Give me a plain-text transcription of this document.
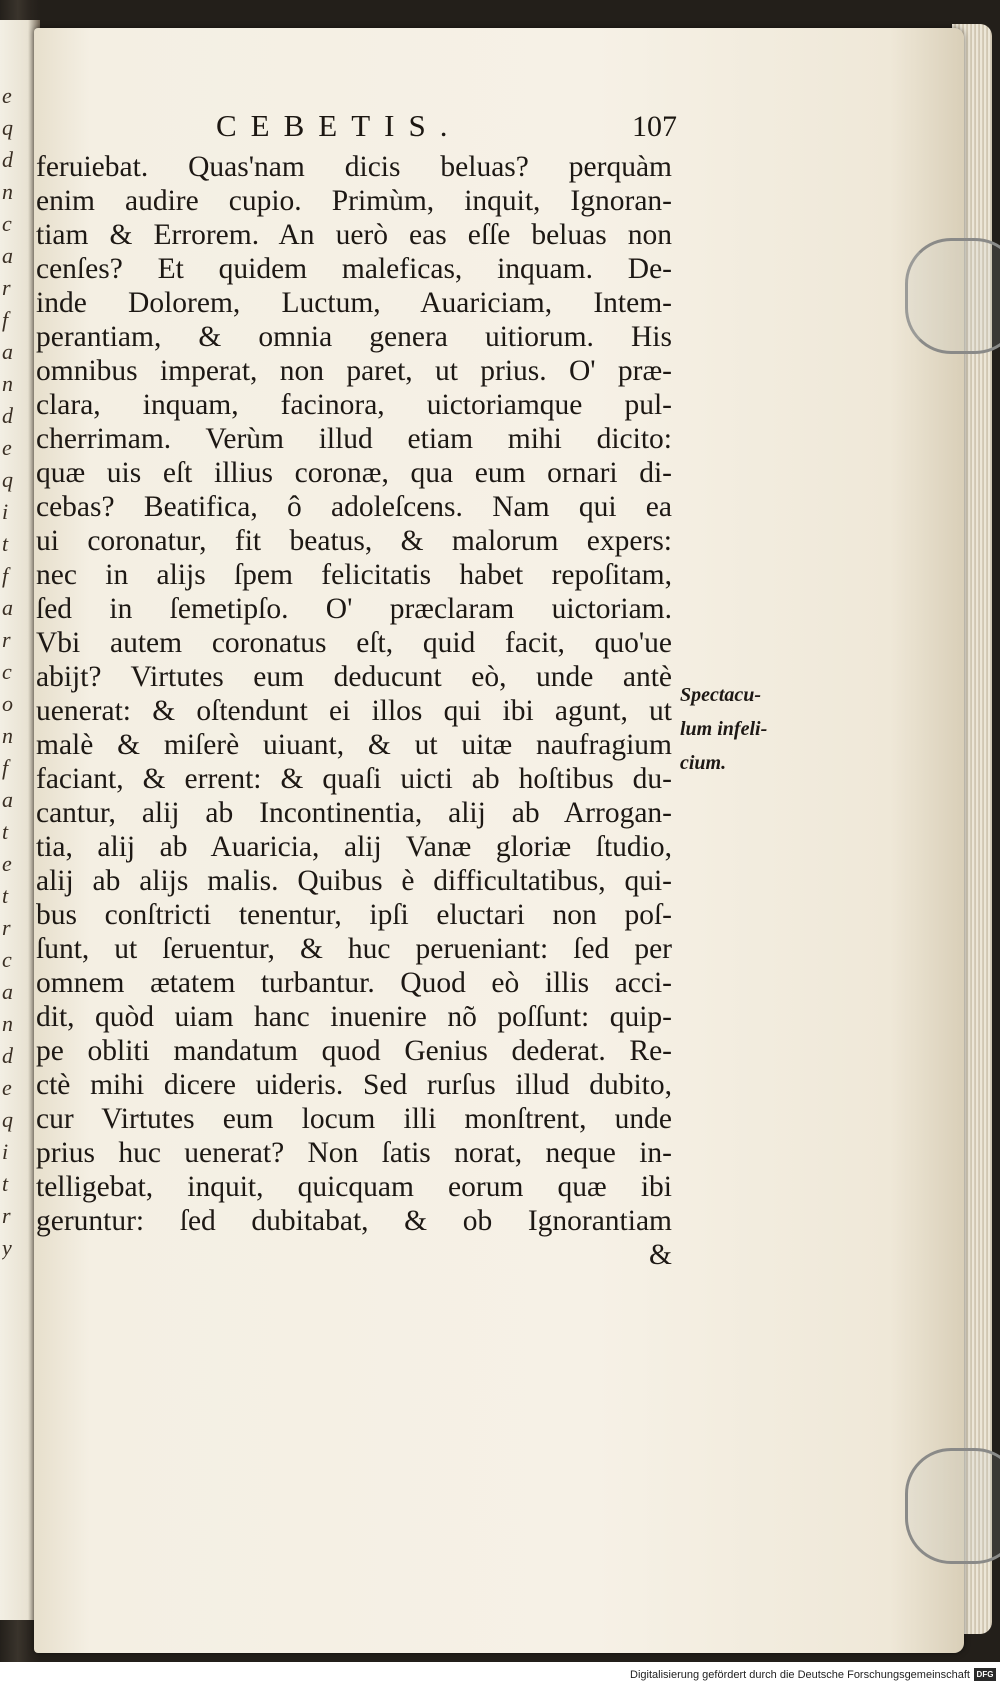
e
q
d
n
c
a
r
f
a
n
d
e
q
i
t
f
a
r
c
o
n
f
a
t
e
t
r
c
a
n
d
e
q
i
t
r
y
CEBETIS.	107
feruiebat. Quas'nam dicis beluas? perquàm
enim audire cupio. Primùm, inquit, Ignoran-
tiam & Errorem. An uerò eas eſſe beluas non
cenſes? Et quidem maleficas, inquam. De-
inde Dolorem, Luctum, Auariciam, Intem-
perantiam, & omnia genera uitiorum. His
omnibus imperat, non paret, ut prius. O' præ-
clara, inquam, facinora, uictoriamque pul-
cherrimam. Verùm illud etiam mihi dicito:
quæ uis eſt illius coronæ, qua eum ornari di-
cebas? Beatifica, ô adoleſcens. Nam qui ea
ui coronatur, fit beatus, & malorum expers:
nec in alijs ſpem felicitatis habet repoſitam,
ſed in ſemetipſo. O' præclaram uictoriam.
Vbi autem coronatus eſt, quid facit, quo'ue
abijt? Virtutes eum deducunt eò, unde antè
uenerat: & oſtendunt ei illos qui ibi agunt, ut
malè & miſerè uiuant, & ut uitæ naufragium
faciant, & errent: & quaſi uicti ab hoſtibus du-
cantur, alij ab Incontinentia, alij ab Arrogan-
tia, alij ab Auaricia, alij Vanæ gloriæ ſtudio,
alij ab alijs malis. Quibus è difficultatibus, qui-
bus conſtricti tenentur, ipſi eluctari non poſ-
ſunt, ut ſeruentur, & huc perueniant: ſed per
omnem ætatem turbantur. Quod eò illis acci-
dit, quòd uiam hanc inuenire nõ poſſunt: quip-
pe obliti mandatum quod Genius dederat. Re-
ctè mihi dicere uideris. Sed rurſus illud dubito,
cur Virtutes eum locum illi monſtrent, unde
prius huc uenerat? Non ſatis norat, neque in-
telligebat, inquit, quicquam eorum quæ ibi
geruntur: ſed dubitabat, & ob Ignorantiam
&
Spectacu-
lum infeli-
cium.
Digitalisierung gefördert durch die Deutsche Forschungsgemeinschaft DFG
